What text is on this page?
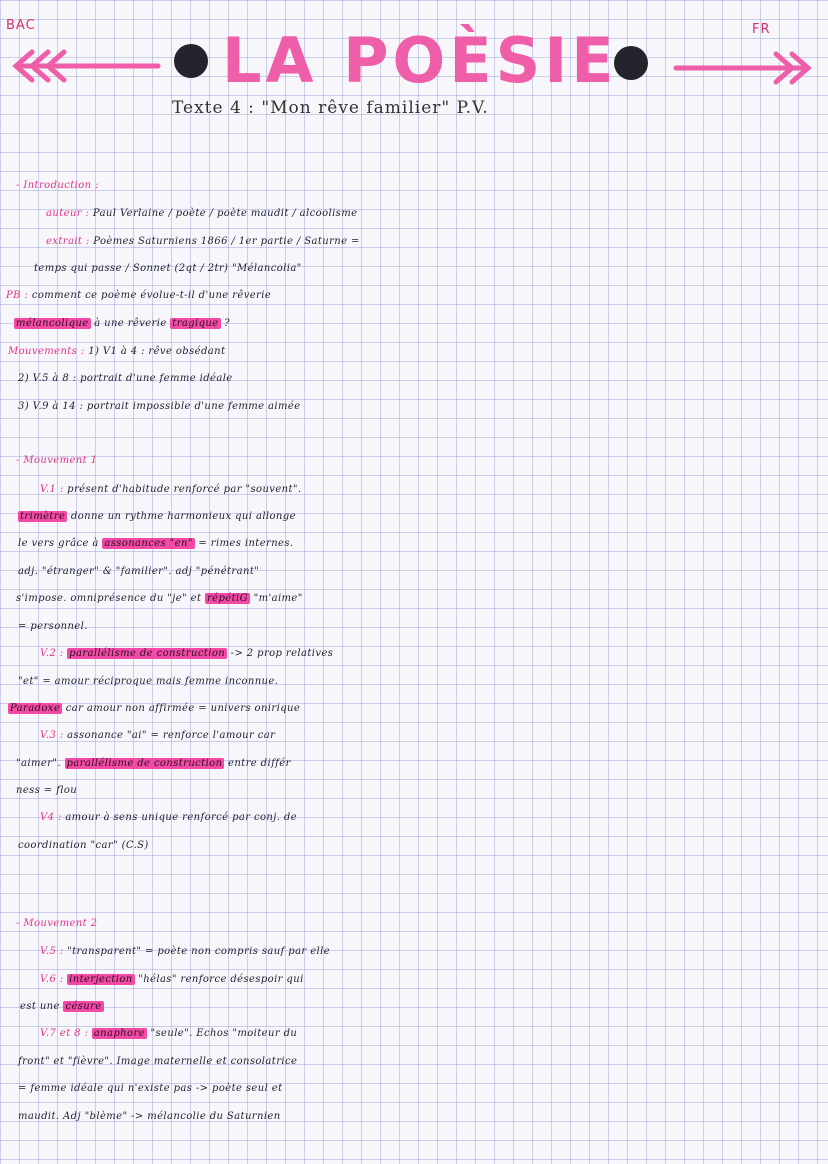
BAC	FR
LA POÈSIE
Texte 4 : "Mon rêve familier" P.V.
- Introduction :
auteur : Paul Verlaine / poète / poète maudit / alcoolisme
extrait : Poèmes Saturniens 1866 / 1er partie / Saturne =
temps qui passe / Sonnet (2qt / 2tr) "Mélancolia"
PB : comment ce poème évolue-t-il d'une rêverie
mélancolique à une rêverie tragique ?
Mouvements : 1) V1 à 4 : rêve obsédant
2) V.5 à 8 : portrait d'une femme idéale
3) V.9 à 14 : portrait impossible d'une femme aimée
- Mouvement 1
V.1 : présent d'habitude renforcé par "souvent".
trimètre donne un rythme harmonieux qui allonge
le vers grâce à assonances "en" = rimes internes.
adj. "étranger" & "familier". adj "pénétrant"
s'impose. omniprésence du "je" et répétiG "m'aime"
= personnel.
V.2 : parallélisme de construction -> 2 prop relatives
"et" = amour réciproque mais femme inconnue.
Paradoxe car amour non affirmée = univers onirique
V.3 : assonance "ai" = renforce l'amour car
"aimer". parallélisme de construction entre différ
ness = flou
V4 : amour à sens unique renforcé par conj. de
coordination "car" (C.S)
- Mouvement 2
V.5 : "transparent" = poète non compris sauf par elle
V.6 : interjection "hélas" renforce désespoir qui
est une césure
V.7 et 8 : anaphore "seule". Echos "moiteur du
front" et "fièvre". Image maternelle et consolatrice
= femme idéale qui n'existe pas -> poète seul et
maudit. Adj "blème" -> mélancolie du Saturnien
